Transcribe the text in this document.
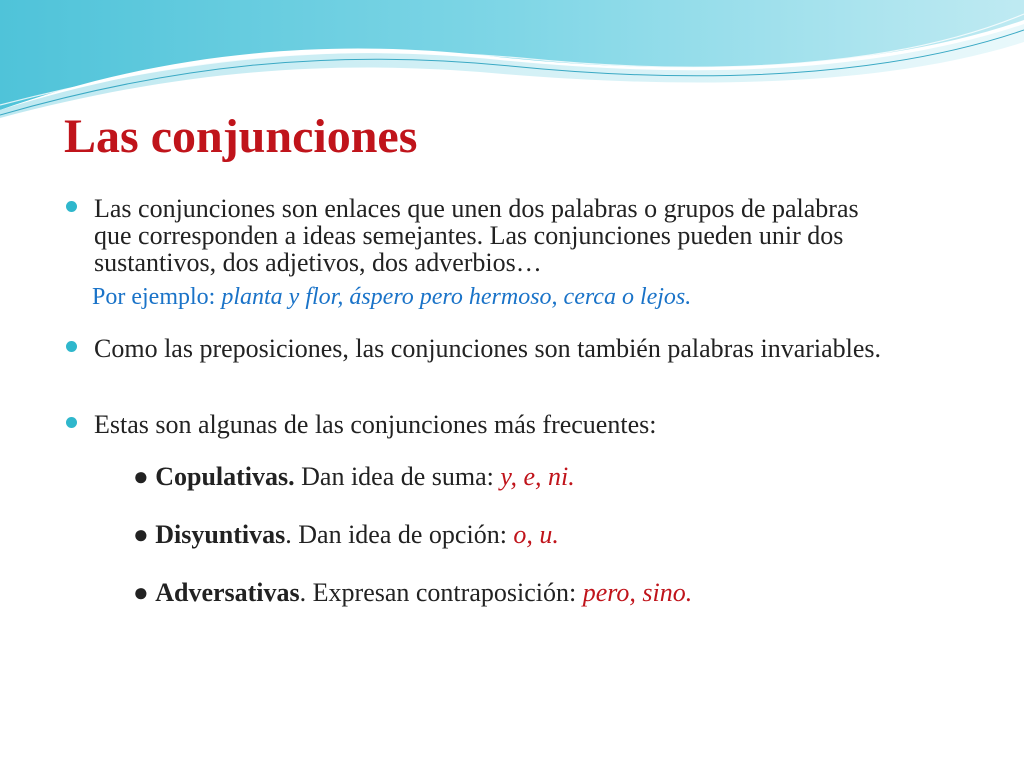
Las conjunciones
Las conjunciones son enlaces que unen dos palabras o grupos de palabras que corresponden a ideas semejantes. Las conjunciones pueden unir dos sustantivos, dos adjetivos, dos adverbios…
Por ejemplo: planta y flor, áspero pero hermoso, cerca o lejos.
Como las preposiciones, las conjunciones son también palabras invariables.
Estas son algunas de las conjunciones más frecuentes:
● Copulativas. Dan idea de suma: y, e, ni.
● Disyuntivas. Dan idea de opción: o, u.
● Adversativas. Expresan contraposición: pero, sino.
